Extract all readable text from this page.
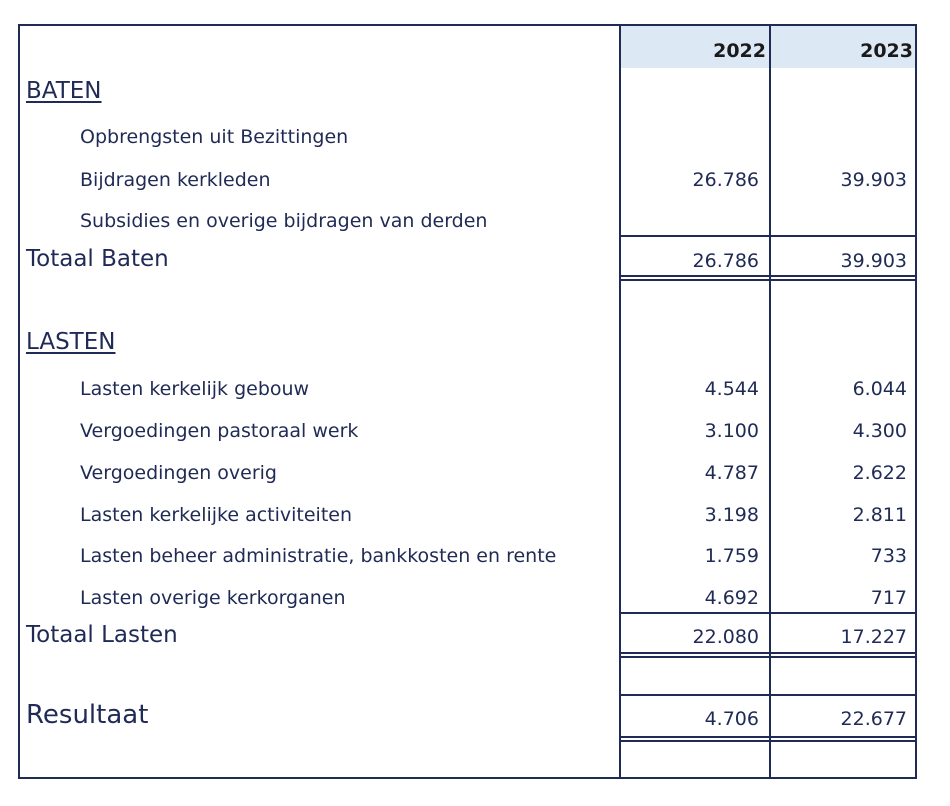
2022	2023
BATEN
Opbrengsten uit Bezittingen
Bijdragen kerkleden	26.786	39.903
Subsidies en overige bijdragen van derden
Totaal Baten	26.786	39.903
LASTEN
Lasten kerkelijk gebouw	4.544	6.044
Vergoedingen pastoraal werk	3.100	4.300
Vergoedingen overig	4.787	2.622
Lasten kerkelijke activiteiten	3.198	2.811
Lasten beheer administratie, bankkosten en rente	1.759	733
Lasten overige kerkorganen	4.692	717
Totaal Lasten	22.080	17.227
Resultaat	4.706	22.677
